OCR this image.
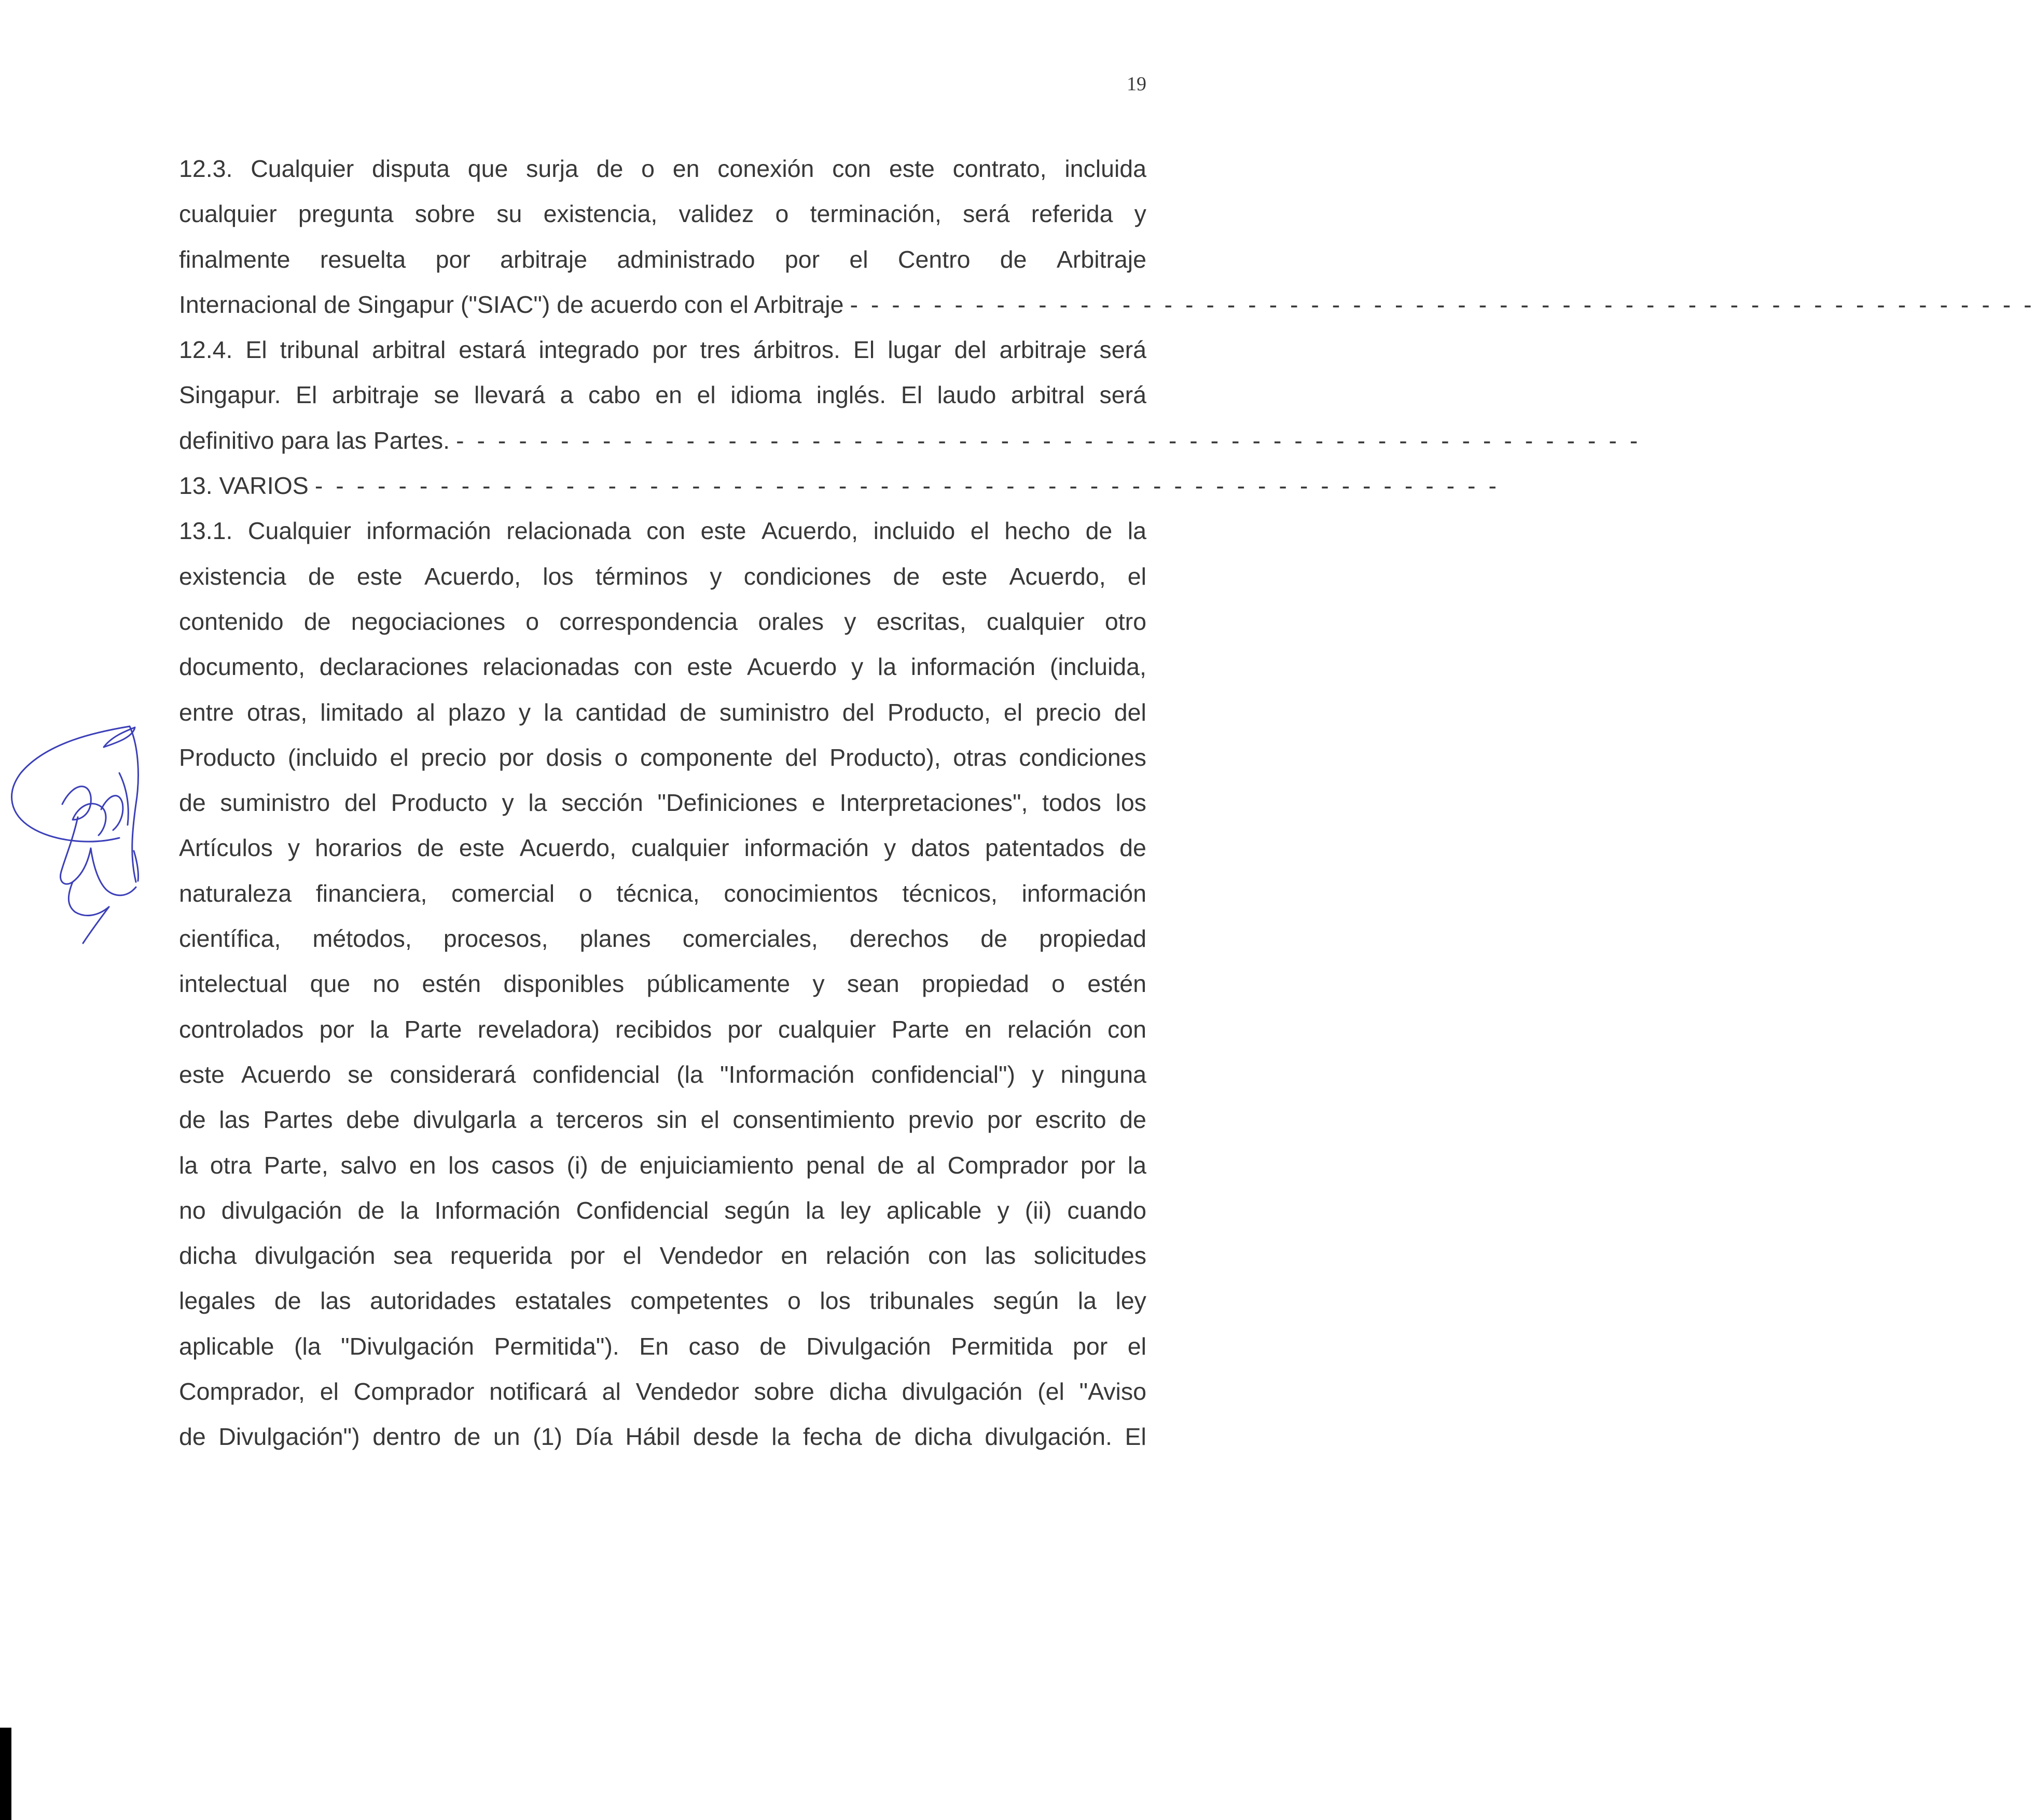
19
12.3. Cualquier disputa que surja de o en conexión con este contrato, incluida
cualquier pregunta sobre su existencia, validez o terminación, será referida y
finalmente resuelta por arbitraje administrado por el Centro de Arbitraje
Internacional de Singapur ("SIAC") de acuerdo con el Arbitraje - - - - - - - - - - - - - - - - - - - - - - - - - - - - - - - - - - - - - - - - - - - - - - - - - - - - - - - - -
12.4. El tribunal arbitral estará integrado por tres árbitros. El lugar del arbitraje será
Singapur. El arbitraje se llevará a cabo en el idioma inglés. El laudo arbitral será
definitivo para las Partes. - - - - - - - - - - - - - - - - - - - - - - - - - - - - - - - - - - - - - - - - - - - - - - - - - - - - - - - - -
13. VARIOS - - - - - - - - - - - - - - - - - - - - - - - - - - - - - - - - - - - - - - - - - - - - - - - - - - - - - - - - -
13.1. Cualquier información relacionada con este Acuerdo, incluido el hecho de la
existencia de este Acuerdo, los términos y condiciones de este Acuerdo, el
contenido de negociaciones o correspondencia orales y escritas, cualquier otro
documento, declaraciones relacionadas con este Acuerdo y la información (incluida,
entre otras, limitado al plazo y la cantidad de suministro del Producto, el precio del
Producto (incluido el precio por dosis o componente del Producto), otras condiciones
de suministro del Producto y la sección "Definiciones e Interpretaciones", todos los
Artículos y horarios de este Acuerdo, cualquier información y datos patentados de
naturaleza financiera, comercial o técnica, conocimientos técnicos, información
científica, métodos, procesos, planes comerciales, derechos de propiedad
intelectual que no estén disponibles públicamente y sean propiedad o estén
controlados por la Parte reveladora) recibidos por cualquier Parte en relación con
este Acuerdo se considerará confidencial (la "Información confidencial") y ninguna
de las Partes debe divulgarla a terceros sin el consentimiento previo por escrito de
la otra Parte, salvo en los casos (i) de enjuiciamiento penal de al Comprador por la
no divulgación de la Información Confidencial según la ley aplicable y (ii) cuando
dicha divulgación sea requerida por el Vendedor en relación con las solicitudes
legales de las autoridades estatales competentes o los tribunales según la ley
aplicable (la "Divulgación Permitida"). En caso de Divulgación Permitida por el
Comprador, el Comprador notificará al Vendedor sobre dicha divulgación (el "Aviso
de Divulgación") dentro de un (1) Día Hábil desde la fecha de dicha divulgación. El
